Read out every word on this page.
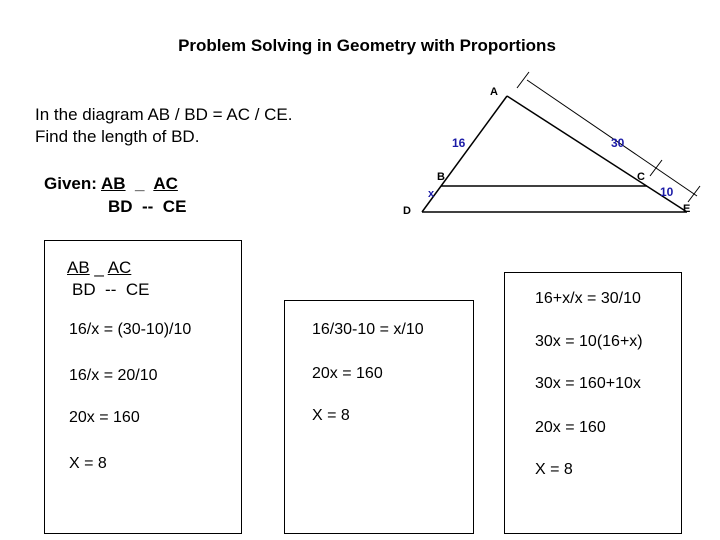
Problem Solving in Geometry with Proportions
In the diagram AB / BD = AC / CE.
Find the length of BD.
Given: AB _ AC
BD -- CE
A
B	C
D	E
x
16	30
10
AB _ AC
BD  --  CE
16/x = (30-10)/10
16/x = 20/10
20x = 160
X = 8
16/30-10 = x/10
20x = 160
X = 8
16+x/x = 30/10
30x = 10(16+x)
30x = 160+10x
20x = 160
X = 8
